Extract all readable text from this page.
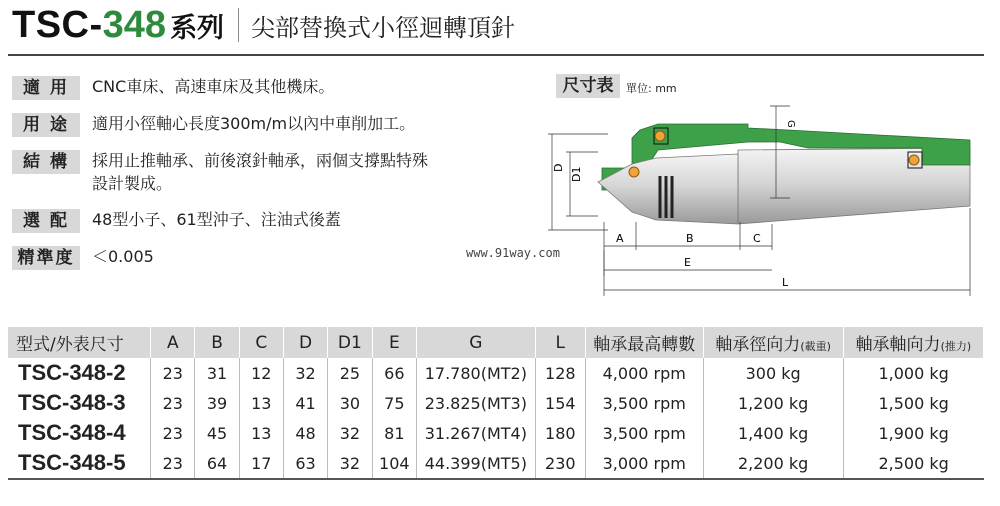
TSC- 348 系列 尖部替換式小徑迴轉頂針
適 用	CNC車床、高速車床及其他機床。
用 途	適用小徑軸心長度300m/m以內中車削加工。
結 構	採用止推軸承、前後滾針軸承，兩個支撐點特殊
設計製成。
選 配	48型小子、61型沖子、注油式後蓋
精準度	＜0.005
尺寸表	單位: mm
D D1
G
A	B	C
E
L
www.91way.com
型式/外表尺寸	A	B	C	D	D1	E	G	L	軸承最高轉數	軸承徑向力(載重)	軸承軸向力(推力)
TSC-348-2	23	31	12	32	25	66	17.780(MT2)	128	4,000 rpm	300 kg	1,000 kg
TSC-348-3	23	39	13	41	30	75	23.825(MT3)	154	3,500 rpm	1,200 kg	1,500 kg
TSC-348-4	23	45	13	48	32	81	31.267(MT4)	180	3,500 rpm	1,400 kg	1,900 kg
TSC-348-5	23	64	17	63	32	104	44.399(MT5)	230	3,000 rpm	2,200 kg	2,500 kg
